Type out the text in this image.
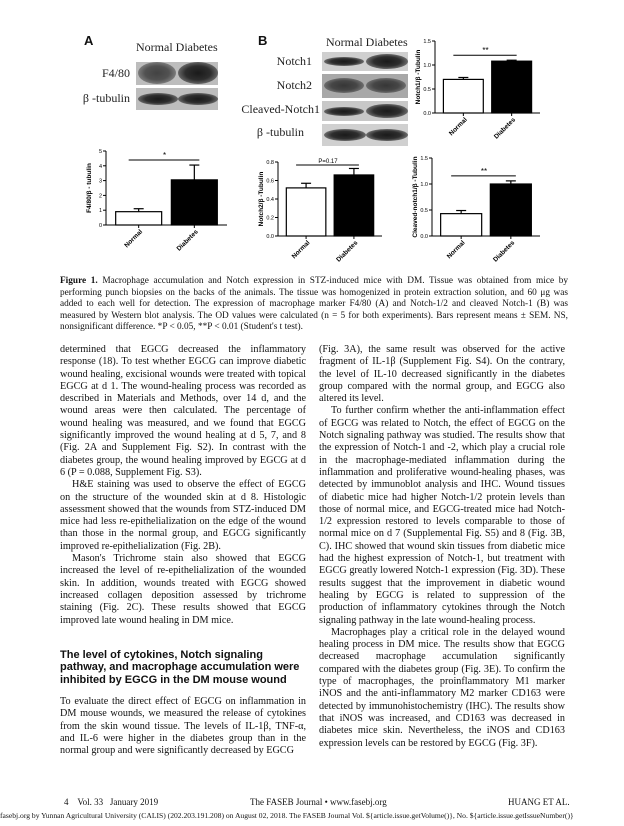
A	Normal Diabetes
F4/80
β -tubulin
B	Normal Diabetes
Notch1
Notch2
Cleaved-Notch1
β -tubulin
0.0
0.5
1.0
1.5
Notch1/β -Tubulin
Normal	Diabetes
**
0
1
2
3
4
5
F4/80/β - tubulin
Normal	Diabetes
*
0.0
0.2
0.4
0.6
0.8
Notch2/β -Tubulin
Normal	Diabetes
P=0.17
0.0
0.5
1.0
1.5
Cleaved-notch1/β -Tubulin
Normal	Diabetes
**
Figure 1. Macrophage accumulation and Notch expression in STZ-induced mice with DM. Tissue was obtained from mice by performing punch biopsies on the backs of the animals. The tissue was homogenized in protein extraction solution, and 60 μg was added to each well for detection. The expression of macrophage marker F4/80 (A) and Notch-1/2 and cleaved Notch-1 (B) was measured by Western blot analysis. The OD values were calculated (n = 5 for both experiments). Bars represent means ± SEM. NS, nonsignificant difference. *P < 0.05, **P < 0.01 (Student's t test).

determined that EGCG decreased the inflammatory response (18). To test whether EGCG can improve diabetic wound healing, excisional wounds were treated with topical EGCG at d 1. The wound-healing process was recorded as described in Materials and Methods, over 14 d, and the wound areas were then calculated. The percentage of wound healing was measured, and we found that EGCG significantly improved the wound healing at d 5, 7, and 8 (Fig. 2A and Supplement Fig. S2). In contrast with the diabetes group, the wound healing improved by EGCG at d 6 (P = 0.088, Supplement Fig. S3).

H&E staining was used to observe the effect of EGCG on the structure of the wounded skin at d 8. Histologic assessment showed that the wounds from STZ-induced DM mice had less re-epithelialization on the edge of the wound than those in the normal group, and EGCG significantly improved re-epithelialization (Fig. 2B).

Mason's Trichrome stain also showed that EGCG increased the level of re-epithelialization of the wounded skin. In addition, wounds treated with EGCG showed increased collagen deposition assessed by trichrome staining (Fig. 2C). These results showed that EGCG improved late wound healing in DM mice.

The level of cytokines, Notch signaling pathway, and macrophage accumulation were inhibited by EGCG in the DM mouse wound

To evaluate the direct effect of EGCG on inflammation in DM mouse wounds, we measured the release of cytokines from the skin wound tissue. The levels of IL-1β, TNF-α, and IL-6 were higher in the diabetes group than in the normal group and were significantly decreased by EGCG

(Fig. 3A), the same result was observed for the active fragment of IL-1β (Supplement Fig. S4). On the contrary, the level of IL-10 decreased significantly in the diabetes group compared with the normal group, and EGCG also altered its level.

To further confirm whether the anti-inflammation effect of EGCG was related to Notch, the effect of EGCG on the Notch signaling pathway was studied. The results show that the expression of Notch-1 and -2, which play a crucial role in the macrophage-mediated inflammation during the inflammation and proliferative wound-healing phases, was detected by immunoblot analysis and IHC. Wound tissues of diabetic mice had higher Notch-1/2 protein levels than those of normal mice, and EGCG-treated mice had Notch-1/2 expression restored to levels comparable to those of normal mice on d 7 (Supplemental Fig. S5) and 8 (Fig. 3B, C). IHC showed that wound skin tissues from diabetic mice had the highest expression of Notch-1, but treatment with EGCG greatly lowered Notch-1 expression (Fig. 3D). These results suggest that the improvement in diabetic wound healing by EGCG is related to suppression of the production of inflammatory cytokines through the Notch signaling pathway in the late wound-healing process.

Macrophages play a critical role in the delayed wound healing process in DM mice. The results show that EGCG decreased macrophage accumulation significantly compared with the diabetes group (Fig. 3E). To confirm the type of macrophages, the proinflammatory M1 marker iNOS and the anti-inflammatory M2 marker CD163 were detected by immunohistochemistry (IHC). The results show that iNOS was increased, and CD163 was decreased in diabetes mice skin. Nevertheless, the iNOS and CD163 expression levels can be restored by EGCG (Fig. 3F).

4    Vol. 33   January 2019	The FASEB Journal • www.fasebj.org	HUANG ET AL.
fasebj.org by Yunnan Agricultural University (CALIS) (202.203.191.208) on August 02, 2018. The FASEB Journal Vol. ${article.issue.getVolume()}, No. ${article.issue.getIssueNumber()}
